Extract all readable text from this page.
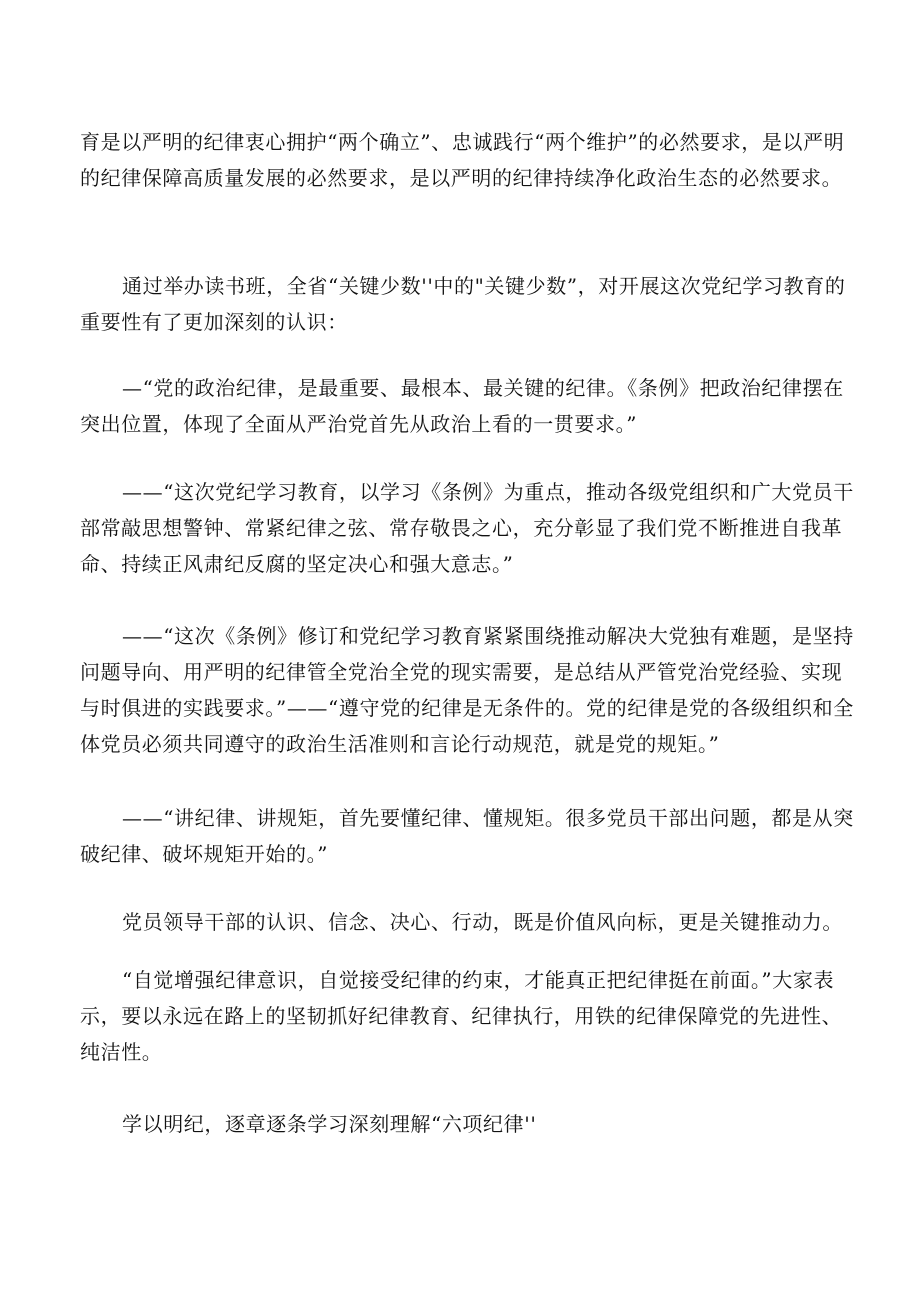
育是以严明的纪律衷心拥护“两个确立”、忠诚践行“两个维护”的必然要求，是以严明的纪律保障高质量发展的必然要求，是以严明的纪律持续净化政治生态的必然要求。

通过举办读书班，全省“关键少数''中的"关键少数”，对开展这次党纪学习教育的重要性有了更加深刻的认识：

—“党的政治纪律，是最重要、最根本、最关键的纪律。《条例》把政治纪律摆在突出位置，体现了全面从严治党首先从政治上看的一贯要求。”

——“这次党纪学习教育，以学习《条例》为重点，推动各级党组织和广大党员干部常敲思想警钟、常紧纪律之弦、常存敬畏之心，充分彰显了我们党不断推进自我革命、持续正风肃纪反腐的坚定决心和强大意志。”

——“这次《条例》修订和党纪学习教育紧紧围绕推动解决大党独有难题，是坚持问题导向、用严明的纪律管全党治全党的现实需要，是总结从严管党治党经验、实现与时俱进的实践要求。”——“遵守党的纪律是无条件的。党的纪律是党的各级组织和全体党员必须共同遵守的政治生活准则和言论行动规范，就是党的规矩。”

——“讲纪律、讲规矩，首先要懂纪律、懂规矩。很多党员干部出问题，都是从突破纪律、破坏规矩开始的。”

党员领导干部的认识、信念、决心、行动，既是价值风向标，更是关键推动力。

“自觉增强纪律意识，自觉接受纪律的约束，才能真正把纪律挺在前面。”大家表示，要以永远在路上的坚韧抓好纪律教育、纪律执行，用铁的纪律保障党的先进性、纯洁性。

学以明纪，逐章逐条学习深刻理解“六项纪律''
